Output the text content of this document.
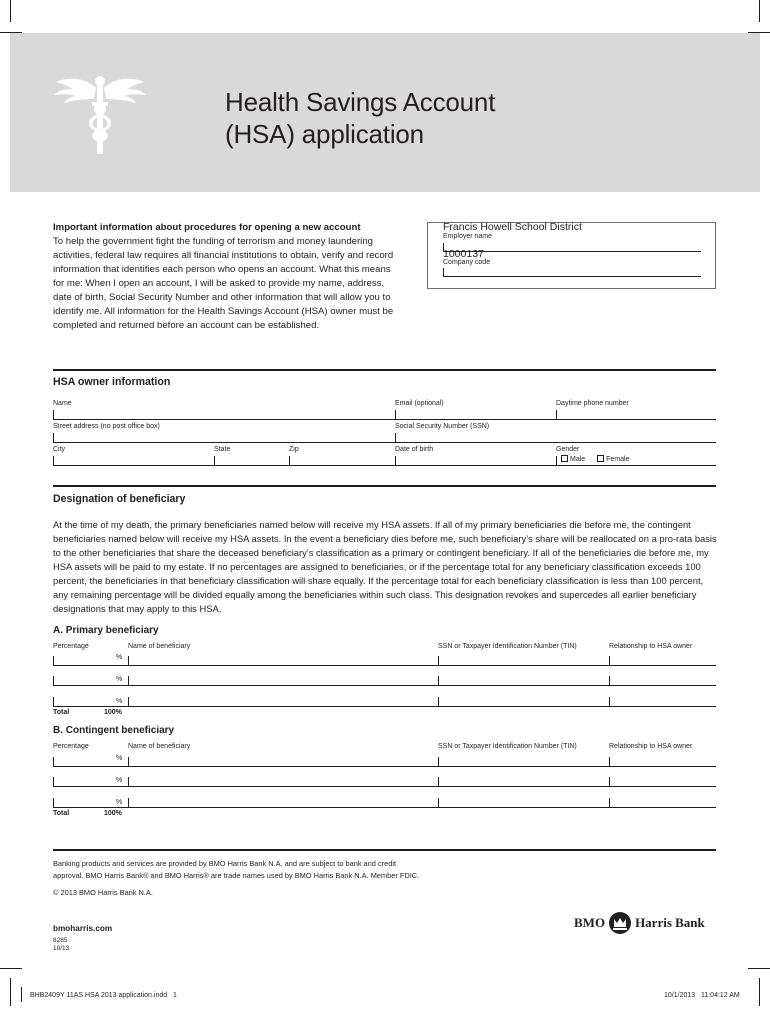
Health Savings Account
(HSA) application
Important information about procedures for opening a new account
To help the government fight the funding of terrorism and money laundering activities, federal law requires all financial institutions to obtain, verify and record information that identifies each person who opens an account. What this means for me: When I open an account, I will be asked to provide my name, address, date of birth, Social Security Number and other information that will allow you to identify me. All information for the Health Savings Account (HSA) owner must be completed and returned before an account can be established.
Francis Howell School District
Employer name
1000137
Company code
HSA owner information
Name	Email (optional)	Daytime phone number
Street address (no post office box)	Social Security Number (SSN)
City	State	Zip	Date of birth	Gender
Male	Female
Designation of beneficiary
At the time of my death, the primary beneficiaries named below will receive my HSA assets. If all of my primary beneficiaries die before me, the contingent beneficiaries named below will receive my HSA assets. In the event a beneficiary dies before me, such beneficiary’s share will be reallocated on a pro-rata basis to the other beneficiaries that share the deceased beneficiary’s classification as a primary or contingent beneficiary. If all of the beneficiaries die before me, my HSA assets will be paid to my estate. If no percentages are assigned to beneficiaries, or if the percentage total for any beneficiary classification exceeds 100 percent, the beneficiaries in that beneficiary classification will share equally. If the percentage total for each beneficiary classification is less than 100 percent, any remaining percentage will be divided equally among the beneficiaries within such class. This designation revokes and supercedes all earlier beneficiary designations that may apply to this HSA.
A. Primary beneficiary
Percentage	Name of beneficiary	SSN or Taxpayer Identification Number (TIN)	Relationship to HSA owner
%
%
%
Total	100%
B. Contingent beneficiary
Percentage	Name of beneficiary	SSN or Taxpayer Identification Number (TIN)	Relationship to HSA owner
%
%
%
Total	100%
Banking products and services are provided by BMO Harris Bank N.A. and are subject to bank and credit
approval. BMO Harris Bank® and BMO Harris® are trade names used by BMO Harris Bank N.A. Member FDIC.
© 2013 BMO Harris Bank N.A.
bmoharris.com
8285
10/13
BMO Harris Bank
BHB2409Y 11AS HSA 2013 application.indd   1	10/1/2013   11:04:12 AM
